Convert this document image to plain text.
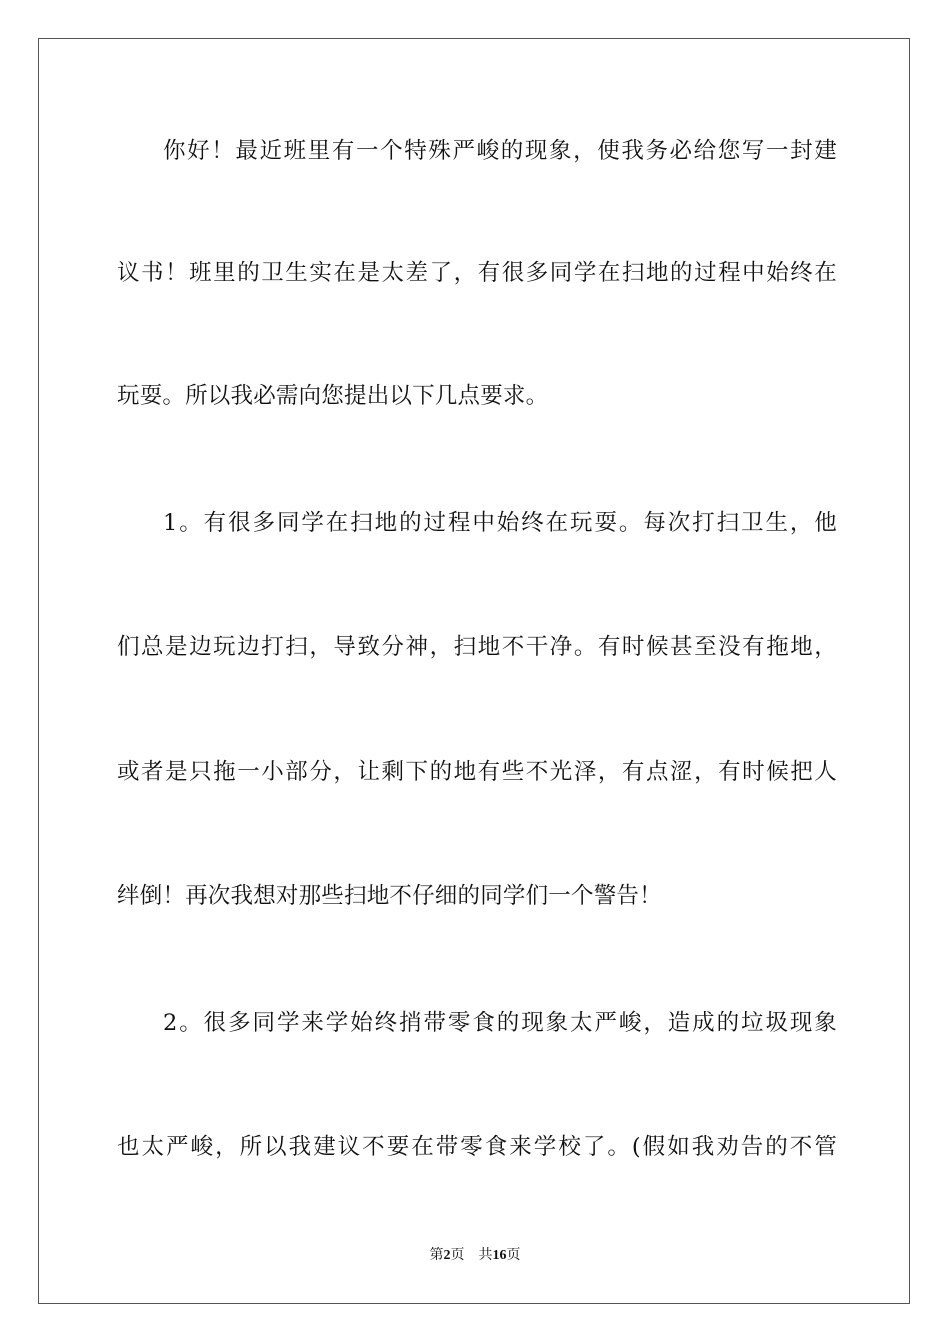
你好！最近班里有一个特殊严峻的现象，使我务必给您写一封建
议书！班里的卫生实在是太差了，有很多同学在扫地的过程中始终在
玩耍。所以我必需向您提出以下几点要求。
1。有很多同学在扫地的过程中始终在玩耍。每次打扫卫生，他
们总是边玩边打扫，导致分神，扫地不干净。有时候甚至没有拖地，
或者是只拖一小部分，让剩下的地有些不光泽，有点涩，有时候把人
绊倒！再次我想对那些扫地不仔细的同学们一个警告！
2。很多同学来学始终捎带零食的现象太严峻，造成的垃圾现象
也太严峻，所以我建议不要在带零食来学校了。(假如我劝告的不管
第2页 共16页
